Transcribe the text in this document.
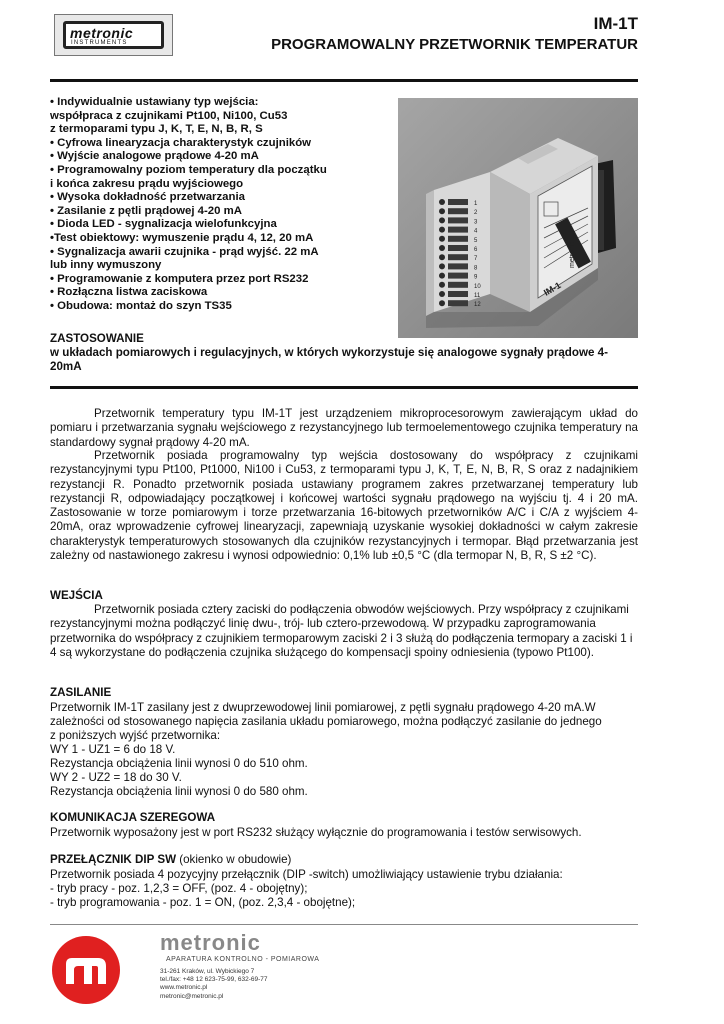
metronic
INSTRUMENTS
IM-1T
PROGRAMOWALNY PRZETWORNIK TEMPERATUR
• Indywidualnie ustawiany typ wejścia:
współpraca z czujnikami Pt100, Ni100, Cu53
z termoparami typu J, K, T, E, N, B, R, S
• Cyfrowa linearyzacja charakterystyk czujników
• Wyjście analogowe prądowe 4-20 mA
• Programowalny poziom temperatury dla początku
i końca zakresu prądu wyjściowego
• Wysoka dokładność przetwarzania
• Zasilanie z pętli prądowej 4-20 mA
• Dioda LED - sygnalizacja wielofunkcyjna
•Test obiektowy: wymuszenie prądu 4, 12, 20 mA
• Sygnalizacja awarii czujnika - prąd wyjść. 22 mA
lub inny wymuszony
• Programowanie z komputera przez port RS232
• Rozłączna listwa zaciskowa
• Obudowa: montaż do szyn TS35
IM-1
metronic
1
2
3
4
5
6
7
8
9
10
11
12
ZASTOSOWANIE
w układach pomiarowych i regulacyjnych, w których wykorzystuje się analogowe sygnały prądowe 4-20mA
Przetwornik temperatury typu IM-1T jest urządzeniem mikroprocesorowym zawierającym układ do pomiaru i przetwarzania sygnału wejściowego z rezystancyjnego lub termoelementowego czujnika temperatury na standardowy sygnał prądowy 4-20 mA.
Przetwornik posiada programowalny typ wejścia dostosowany do współpracy z czujnikami rezystancyjnymi typu Pt100, Pt1000, Ni100 i Cu53, z termoparami typu J, K, T, E, N, B, R, S oraz z nadajnikiem rezystancji R. Ponadto przetwornik posiada ustawiany programem zakres przetwarzanej temperatury lub rezystancji R, odpowiadający początkowej i końcowej wartości sygnału prądowego na wyjściu tj. 4 i 20 mA. Zastosowanie w torze pomiarowym i torze przetwarzania 16-bitowych przetworników A/C i C/A z wyjściem 4-20mA, oraz wprowadzenie cyfrowej linearyzacji, zapewniają uzyskanie wysokiej dokładności w całym zakresie charakterystyk temperaturowych stosowanych dla czujników rezystancyjnych i termopar. Błąd przetwarzania jest zależny od nastawionego zakresu i wynosi odpowiednio: 0,1% lub ±0,5 °C (dla termopar N, B, R, S ±2 °C).
WEJŚCIA
Przetwornik posiada cztery zaciski do podłączenia obwodów wejściowych. Przy współpracy z czujnikami rezystancyjnymi można podłączyć linię dwu-, trój- lub cztero-przewodową. W przypadku zaprogramowania przetwornika do współpracy z czujnikiem termoparowym zaciski 2 i 3 służą do podłączenia termopary a zaciski 1 i 4 są wykorzystane do podłączenia czujnika służącego do kompensacji spoiny odniesienia (typowo Pt100).
ZASILANIE
Przetwornik IM-1T zasilany jest z dwuprzewodowej linii pomiarowej, z pętli sygnału prądowego 4-20 mA.W
zależności od stosowanego napięcia zasilania układu pomiarowego, można podłączyć zasilanie do jednego
z poniższych wyjść przetwornika:
WY 1 - UZ1 = 6 do 18 V.
Rezystancja obciążenia linii wynosi 0 do 510 ohm.
WY 2 - UZ2 = 18 do 30 V.
Rezystancja obciążenia linii wynosi 0 do 580 ohm.
KOMUNIKACJA SZEREGOWA
Przetwornik wyposażony jest w port RS232 służący wyłącznie do programowania i testów serwisowych.
PRZEŁĄCZNIK DIP SW (okienko w obudowie)
Przetwornik posiada 4 pozycyjny przełącznik (DIP -switch) umożliwiający ustawienie trybu działania:
- tryb pracy - poz. 1,2,3 = OFF, (poz. 4 - obojętny);
- tryb programowania - poz. 1 = ON, (poz. 2,3,4 - obojętne);
metronic
APARATURA KONTROLNO - POMIAROWA
31-261 Kraków, ul. Wybickiego 7
tel./fax: +48 12 623-75-99, 632-69-77
www.metronic.pl
metronic@metronic.pl
